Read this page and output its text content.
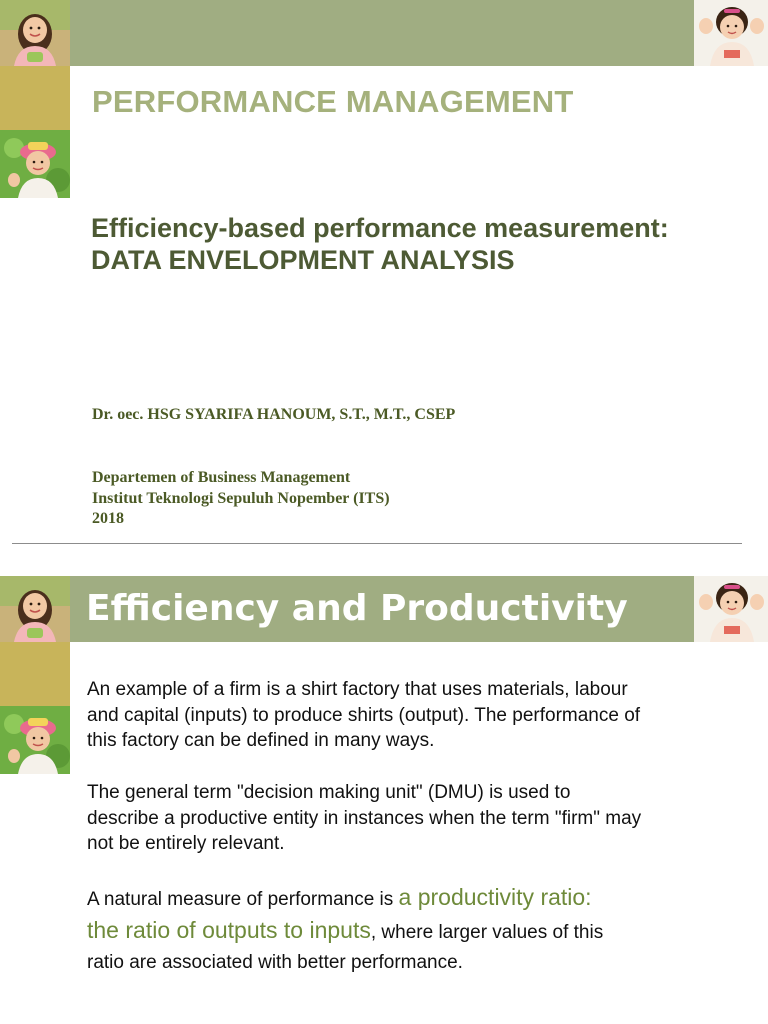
PERFORMANCE MANAGEMENT
Efficiency-based performance measurement:
DATA ENVELOPMENT ANALYSIS

Dr. oec. HSG SYARIFA HANOUM, S.T., M.T., CSEP

Departemen of Business Management
Institut Teknologi Sepuluh Nopember (ITS)
2018

Efficiency and Productivity

An example of a firm is a shirt factory that uses materials, labour
and capital (inputs) to produce shirts (output). The performance of
this factory can be defined in many ways.

The general term "decision making unit" (DMU) is used to
describe a productive entity in instances when the term "firm" may
not be entirely relevant.

A natural measure of performance is a productivity ratio:
the ratio of outputs to inputs, where larger values of this
ratio are associated with better performance.
